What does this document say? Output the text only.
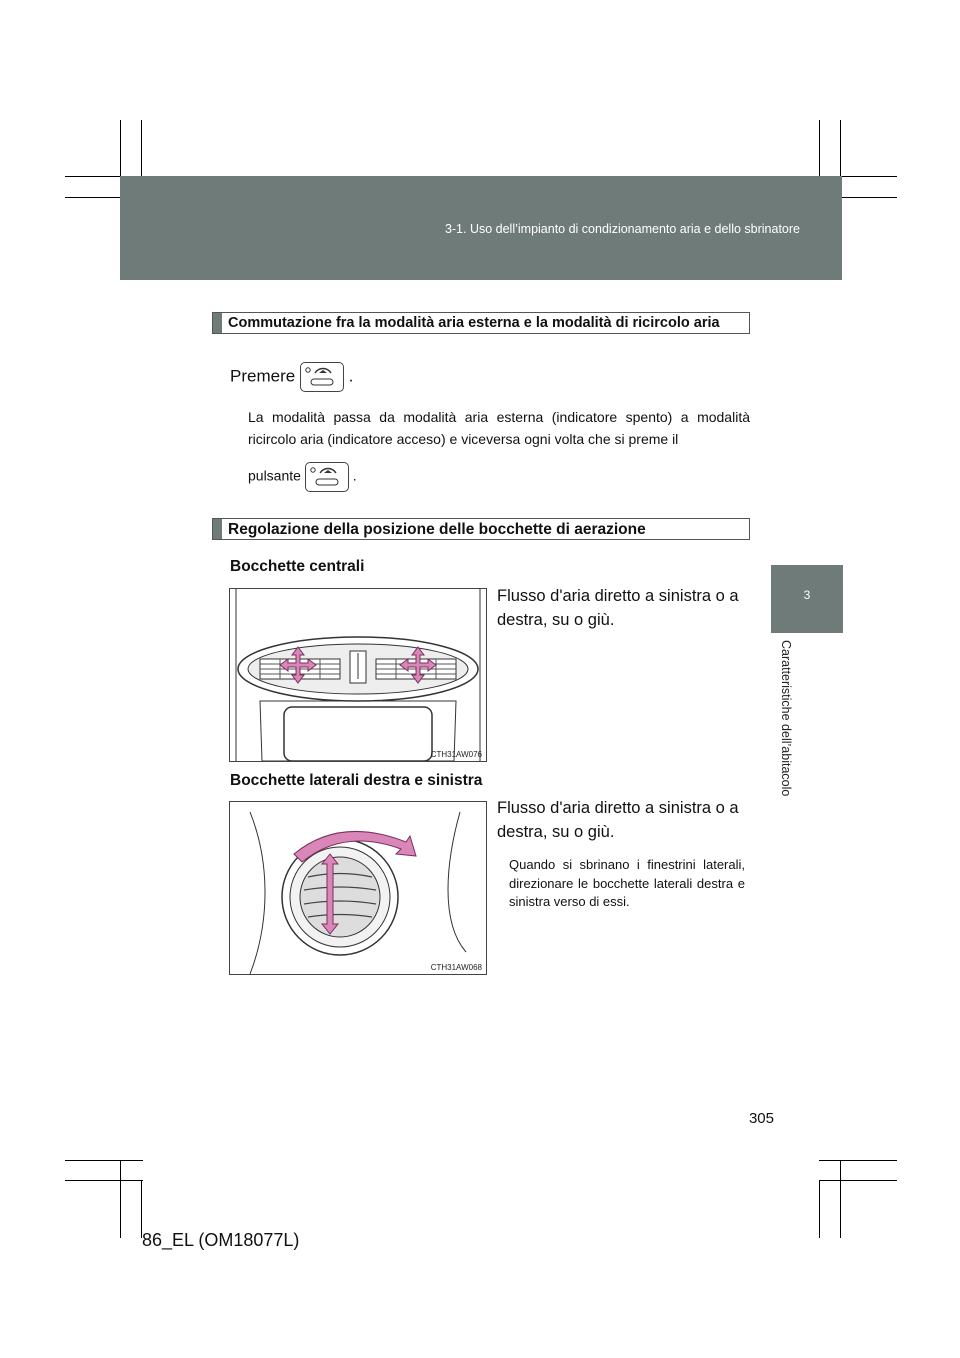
3-1. Uso dell’impianto di condizionamento aria e dello sbrinatore
3
Caratteristiche dell’abitacolo
Commutazione fra la modalità aria esterna e la modalità di ricircolo aria
Premere	.
La modalità passa da modalità aria esterna (indicatore spento) a modalità ricircolo aria (indicatore acceso) e viceversa ogni volta che si preme il
pulsante	.
Regolazione della posizione delle bocchette di aerazione
Bocchette centrali
Flusso d'aria diretto a sinistra o a destra, su o giù.
CTH31AW076
Bocchette laterali destra e sinistra
Flusso d'aria diretto a sinistra o a destra, su o giù.
Quando si sbrinano i finestrini laterali, direzionare le bocchette laterali destra e sinistra verso di essi.
CTH31AW068
305
86_EL (OM18077L)
